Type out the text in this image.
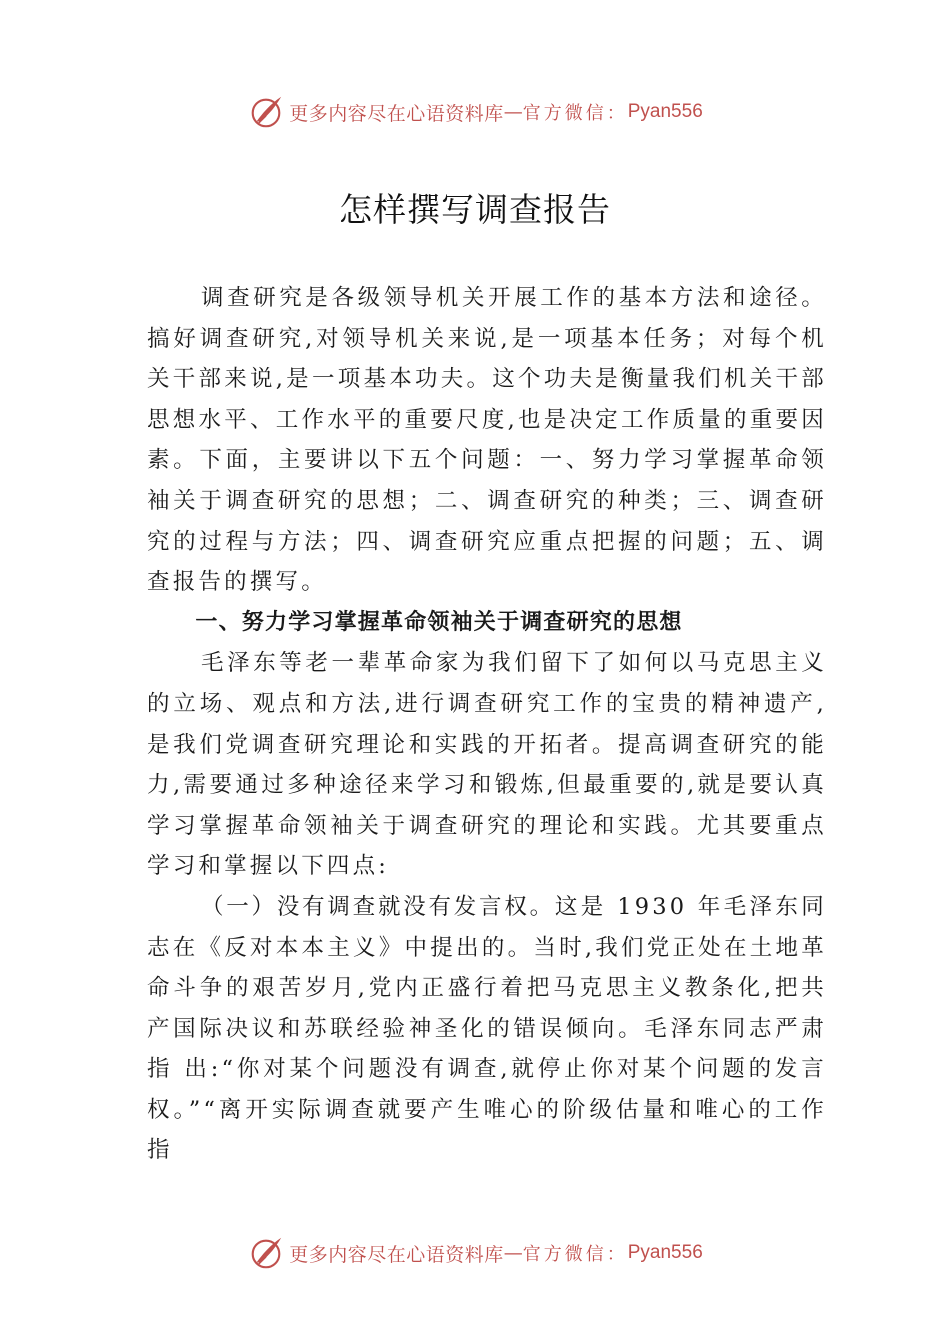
更多内容尽在心语资料库 — 官方微信： Pyan556
怎样撰写调查报告

调查研究是各级领导机关开展工作的基本方法和途径。搞好调查研究,对领导机关来说,是一项基本任务；对每个机关干部来说,是一项基本功夫。这个功夫是衡量我们机关干部思想水平、工作水平的重要尺度,也是决定工作质量的重要因素。下面，主要讲以下五个问题：一、努力学习掌握革命领袖关于调查研究的思想；二、调查研究的种类；三、调查研究的过程与方法；四、调查研究应重点把握的问题；五、调查报告的撰写。

一、努力学习掌握革命领袖关于调查研究的思想

毛泽东等老一辈革命家为我们留下了如何以马克思主义的立场、观点和方法,进行调查研究工作的宝贵的精神遗产,是我们党调查研究理论和实践的开拓者。提高调查研究的能力,需要通过多种途径来学习和锻炼,但最重要的,就是要认真学习掌握革命领袖关于调查研究的理论和实践。尤其要重点学习和掌握以下四点:

（一）没有调查就没有发言权。这是 1930 年毛泽东同志在《反对本本主义》中提出的。当时,我们党正处在土地革命斗争的艰苦岁月,党内正盛行着把马克思主义教条化,把共产国际决议和苏联经验神圣化的错误倾向。毛泽东同志严肃指 出:“你对某个问题没有调查,就停止你对某个问题的发言权。”“离开实际调查就要产生唯心的阶级估量和唯心的工作指

更多内容尽在心语资料库 — 官方微信： Pyan556
